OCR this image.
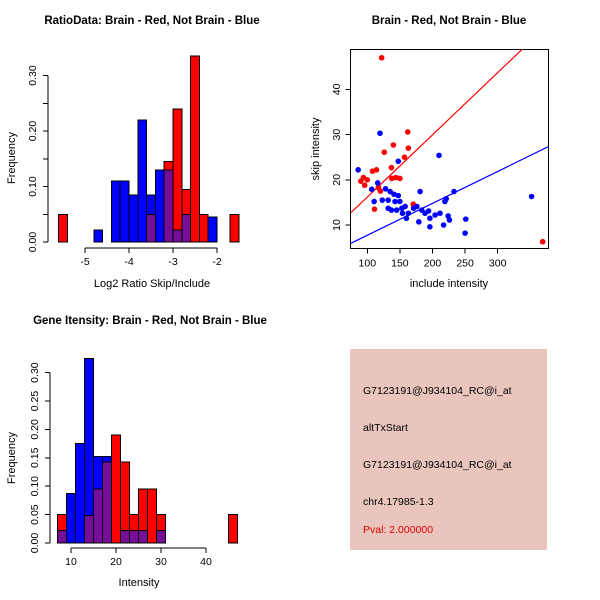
0.00
0.10
0.20
0.30
-5	-4	-3	-2
RatioData: Brain - Red, Not Brain - Blue
Log2 Ratio Skip/Include
Frequency
100 150 200 250 300
10
20
30
40
Brain - Red, Not Brain - Blue
include intensity
skip intensity
0.00
0.05
0.10
0.15
0.20
0.25
0.30
10	20	30	40
Gene Itensity: Brain - Red, Not Brain - Blue
Intensity
Frequency
G7123191@J934104_RC@i_at
altTxStart
G7123191@J934104_RC@i_at
chr4.17985-1.3
Pval: 2.000000
